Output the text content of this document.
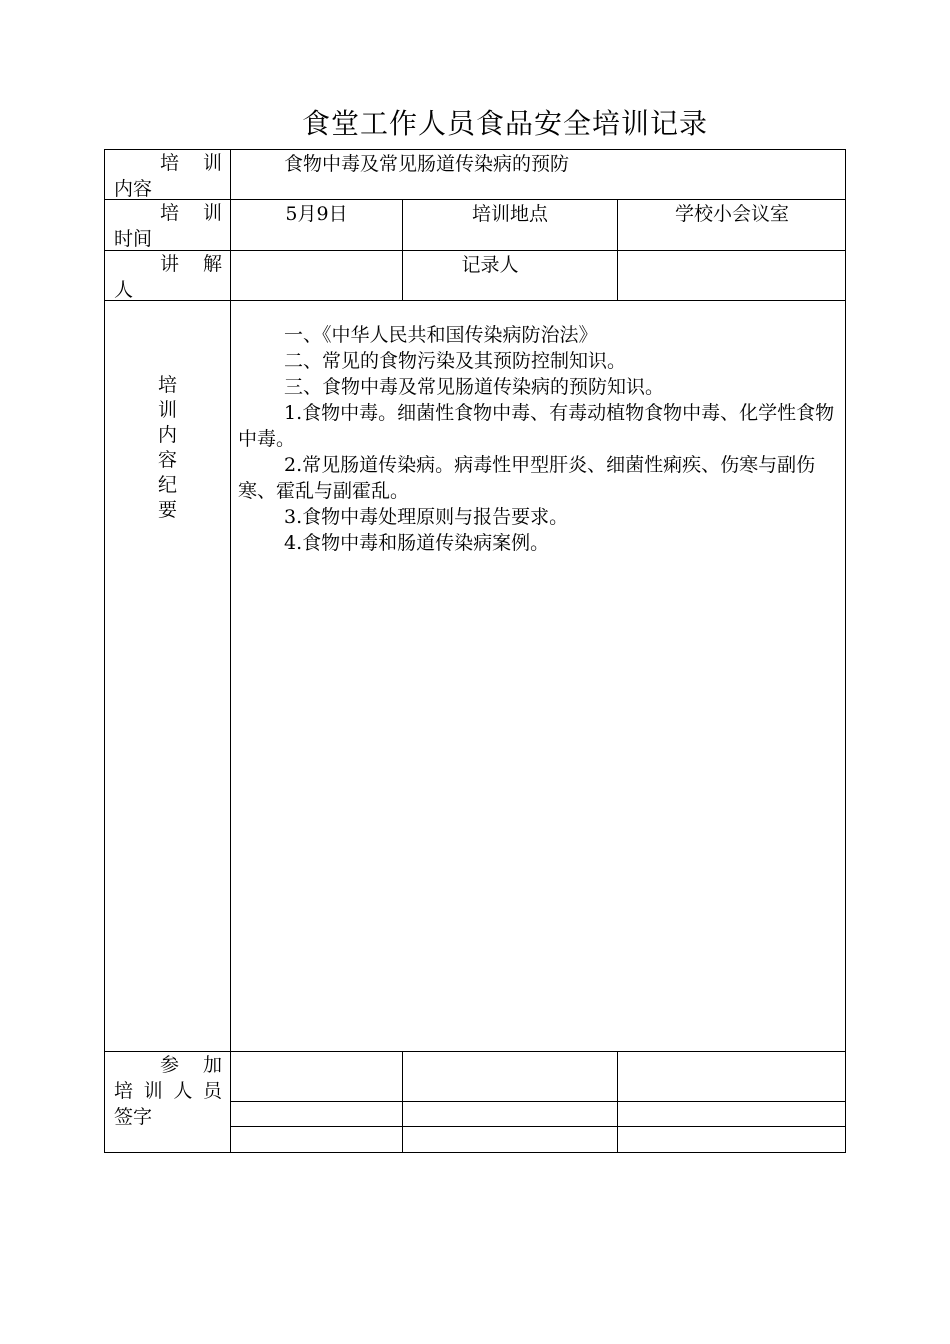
食堂工作人员食品安全培训记录
培 训
内容
食物中毒及常见肠道传染病的预防
培 训
时间
5月9日	培训地点	学校小会议室
讲 解
人
记录人
培
训
内
容
纪
要

一、《中华人民共和国传染病防治法》

二、常见的食物污染及其预防控制知识。

三、食物中毒及常见肠道传染病的预防知识。

1.食物中毒。细菌性食物中毒、有毒动植物食物中毒、化学性食物中毒。

2.常见肠道传染病。病毒性甲型肝炎、细菌性痢疾、伤寒与副伤寒、霍乱与副霍乱。

3.食物中毒处理原则与报告要求。

4.食物中毒和肠道传染病案例。

参 加
培训人员
签字
